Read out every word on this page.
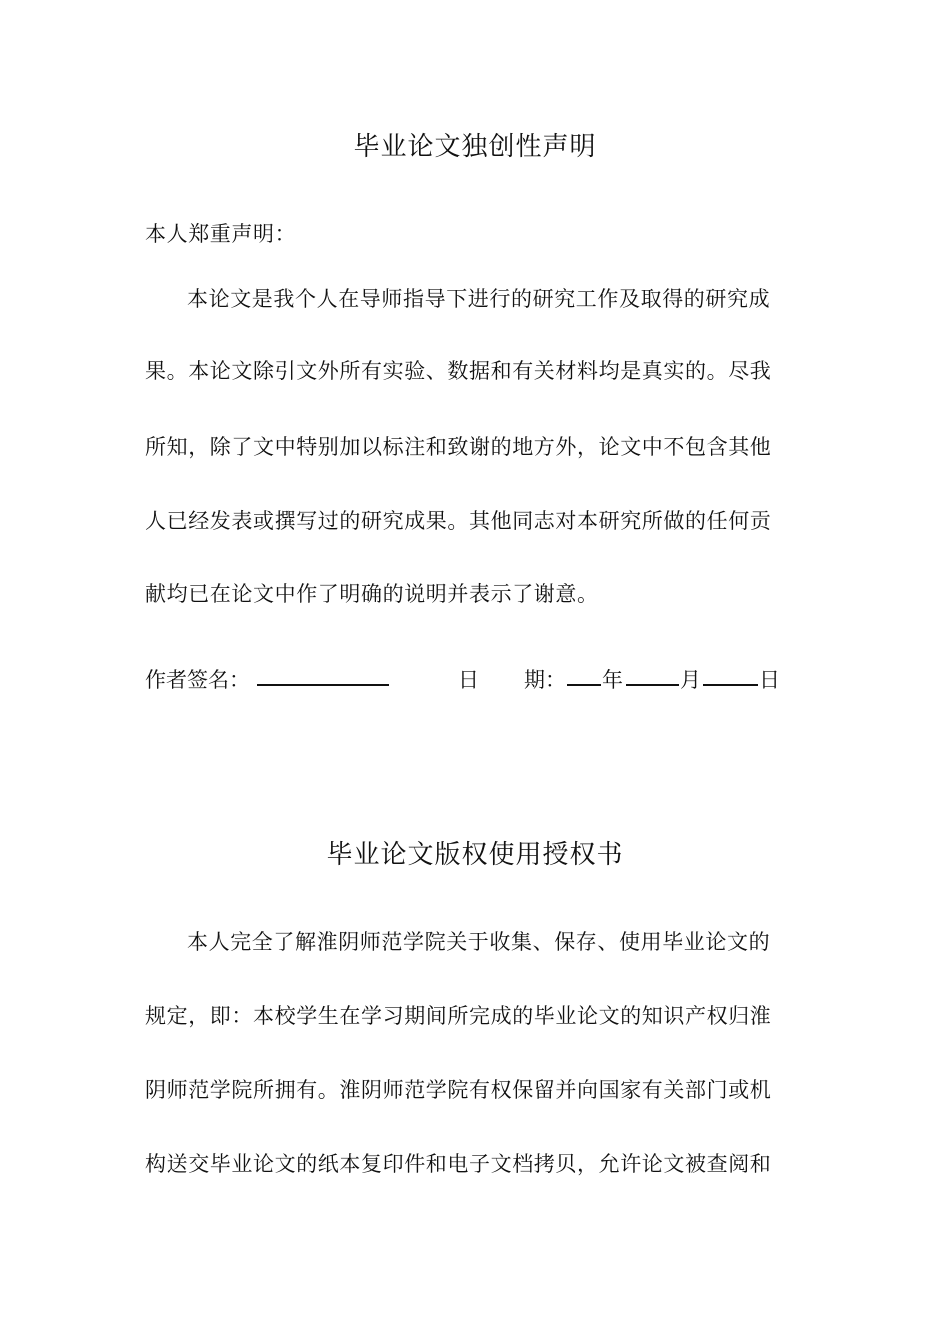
毕业论文独创性声明
本人郑重声明：
本论文是我个人在导师指导下进行的研究工作及取得的研究成
果。本论文除引文外所有实验、数据和有关材料均是真实的。尽我
所知，除了文中特别加以标注和致谢的地方外，论文中不包含其他
人已经发表或撰写过的研究成果。其他同志对本研究所做的任何贡
献均已在论文中作了明确的说明并表示了谢意。
作者签名：	日 期： 年	月	日
毕业论文版权使用授权书
本人完全了解淮阴师范学院关于收集、保存、使用毕业论文的
规定，即：本校学生在学习期间所完成的毕业论文的知识产权归淮
阴师范学院所拥有。淮阴师范学院有权保留并向国家有关部门或机
构送交毕业论文的纸本复印件和电子文档拷贝，允许论文被查阅和
